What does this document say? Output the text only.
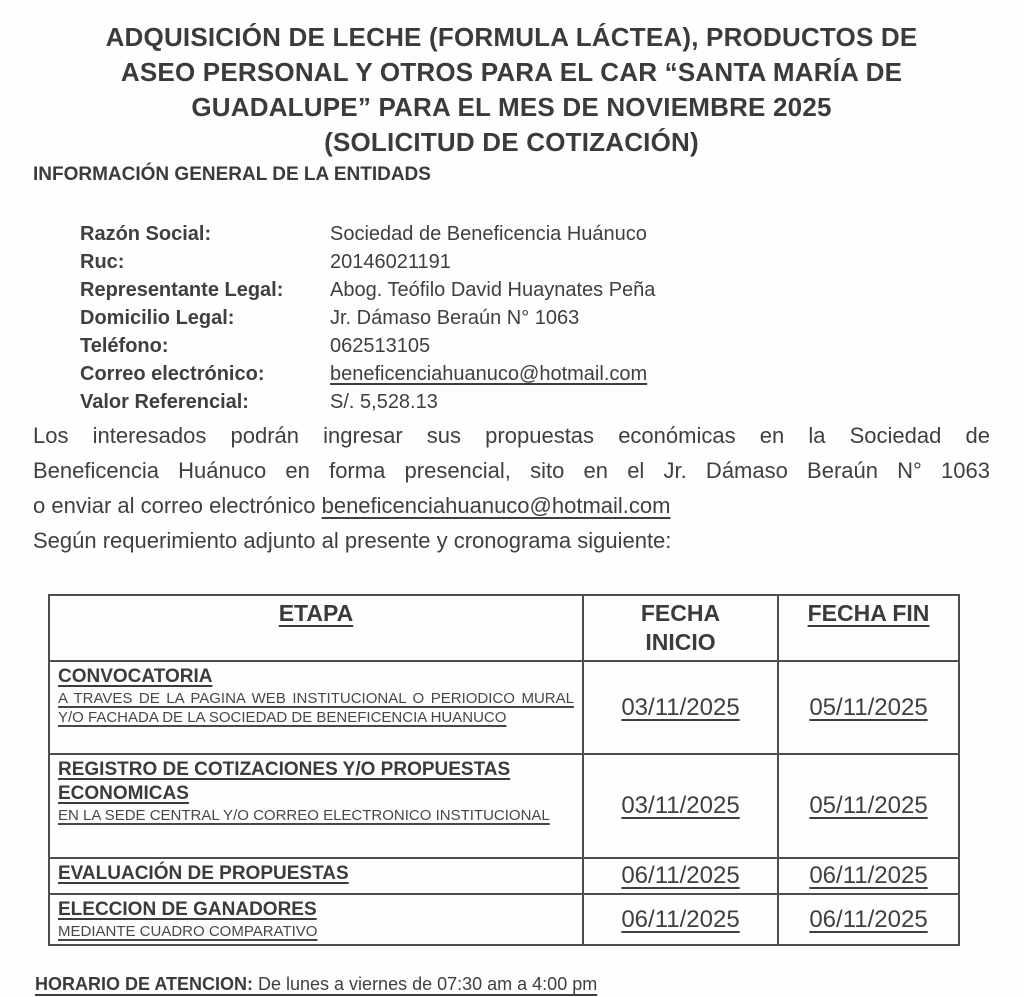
ADQUISICIÓN DE LECHE (FORMULA LÁCTEA), PRODUCTOS DE
ASEO PERSONAL Y OTROS PARA EL CAR “SANTA MARÍA DE
GUADALUPE” PARA EL MES DE NOVIEMBRE 2025
(SOLICITUD DE COTIZACIÓN)
INFORMACIÓN GENERAL DE LA ENTIDADS
Razón Social:	Sociedad de Beneficencia Huánuco
Ruc:	20146021191
Representante Legal:	Abog. Teófilo David Huaynates Peña
Domicilio Legal:	Jr. Dámaso Beraún N° 1063
Teléfono:	062513105
Correo electrónico:	beneficenciahuanuco@hotmail.com
Valor Referencial:	S/. 5,528.13
Los interesados podrán ingresar sus propuestas económicas en la Sociedad de
Beneficencia Huánuco en forma presencial, sito en el Jr. Dámaso Beraún N° 1063
o enviar al correo electrónico beneficenciahuanuco@hotmail.com
Según requerimiento adjunto al presente y cronograma siguiente:
ETAPA	FECHA INICIO	FECHA FIN

CONVOCATORIA
A TRAVES DE LA PAGINA WEB INSTITUCIONAL O PERIODICO MURAL Y/O FACHADA DE LA SOCIEDAD DE BENEFICENCIA HUANUCO	03/11/2025	05/11/2025

REGISTRO DE COTIZACIONES Y/O PROPUESTAS ECONOMICAS
EN LA SEDE CENTRAL Y/O CORREO ELECTRONICO INSTITUCIONAL	03/11/2025	05/11/2025

EVALUACIÓN DE PROPUESTAS	06/11/2025	06/11/2025

ELECCION DE GANADORES
MEDIANTE CUADRO COMPARATIVO	06/11/2025	06/11/2025
HORARIO DE ATENCION: De lunes a viernes de 07:30 am a 4:00 pm
